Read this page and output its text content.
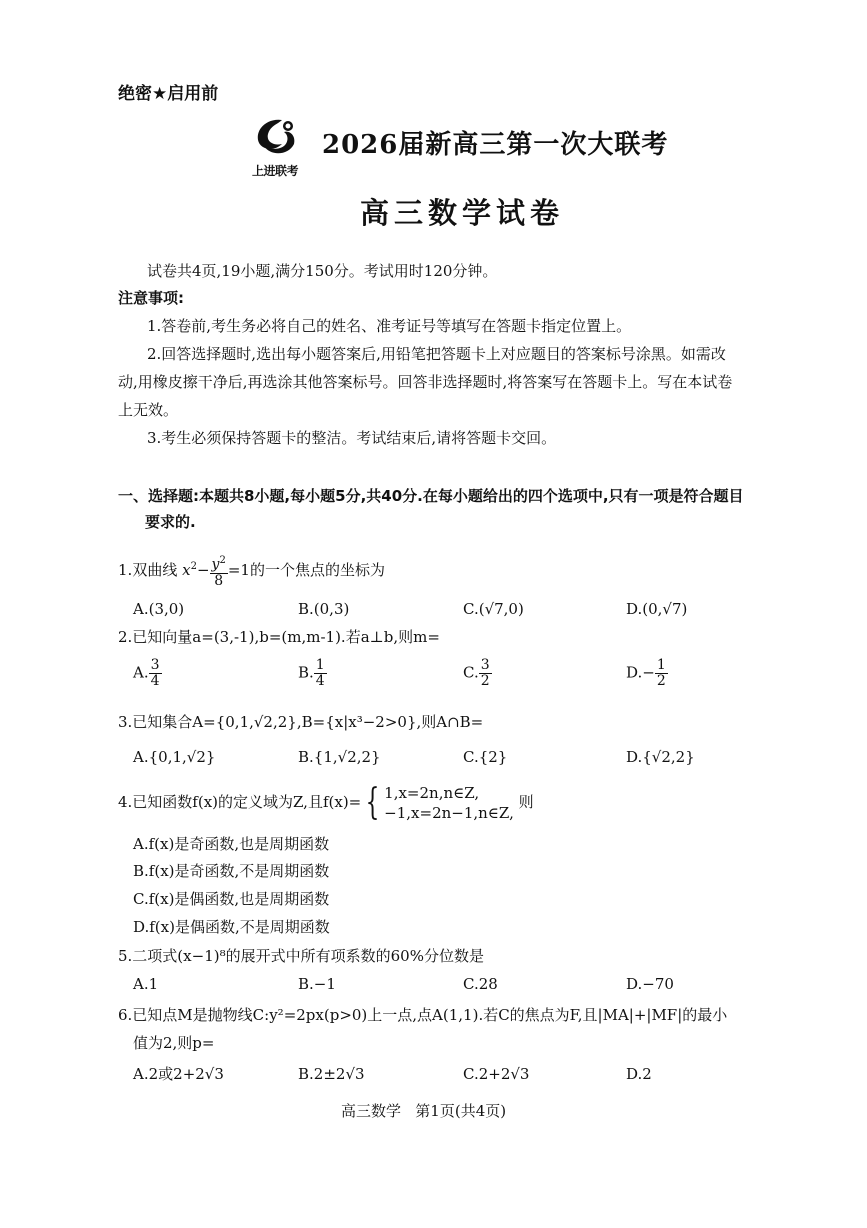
绝密★启用前
上进联考
2026届新高三第一次大联考
高三数学试卷
试卷共4页,19小题,满分150分。考试用时120分钟。
注意事项:
1.答卷前,考生务必将自己的姓名、准考证号等填写在答题卡指定位置上。
2.回答选择题时,选出每小题答案后,用铅笔把答题卡上对应题目的答案标号涂黑。如需改
动,用橡皮擦干净后,再选涂其他答案标号。回答非选择题时,将答案写在答题卡上。写在本试卷
上无效。
3.考生必须保持答题卡的整洁。考试结束后,请将答题卡交回。
一、选择题:本题共8小题,每小题5分,共40分.在每小题给出的四个选项中,只有一项是符合题目
要求的.
1.双曲线 $x^2- \frac{y^2}{8} =1$的一个焦点的坐标为
A.(3,0)	B.(0,3)	C.(√7,0)	D.(0,√7)
2.已知向量a=(3,-1),b=(m,m-1).若a⊥b,则m=
A. $\frac{3}{4}$	B. $\frac{1}{4}$	C. $\frac{3}{2}$	$D.- \frac{1}{2}$
3.已知集合A={0,1,√2,2},B={x|x³−2>0},则A∩B=
A.{0,1,√2}	B.{1,√2,2}	C.{2}	D.{√2,2}
4.已知函数f(x)的定义域为Z,且f(x)= { 1,x=2n,n∈Z,
−1,x=2n−1,n∈Z,
则
A.f(x)是奇函数,也是周期函数
B.f(x)是奇函数,不是周期函数
C.f(x)是偶函数,也是周期函数
D.f(x)是偶函数,不是周期函数
5.二项式(x−1)⁸的展开式中所有项系数的60%分位数是
A.1	B.−1	C.28	D.−70
6.已知点M是抛物线C:y²=2px(p>0)上一点,点A(1,1).若C的焦点为F,且|MA|+|MF|的最小
值为2,则p=
A.2或2+2√3	B.2±2√3	C.2+2√3	D.2
高三数学   第1页(共4页)
